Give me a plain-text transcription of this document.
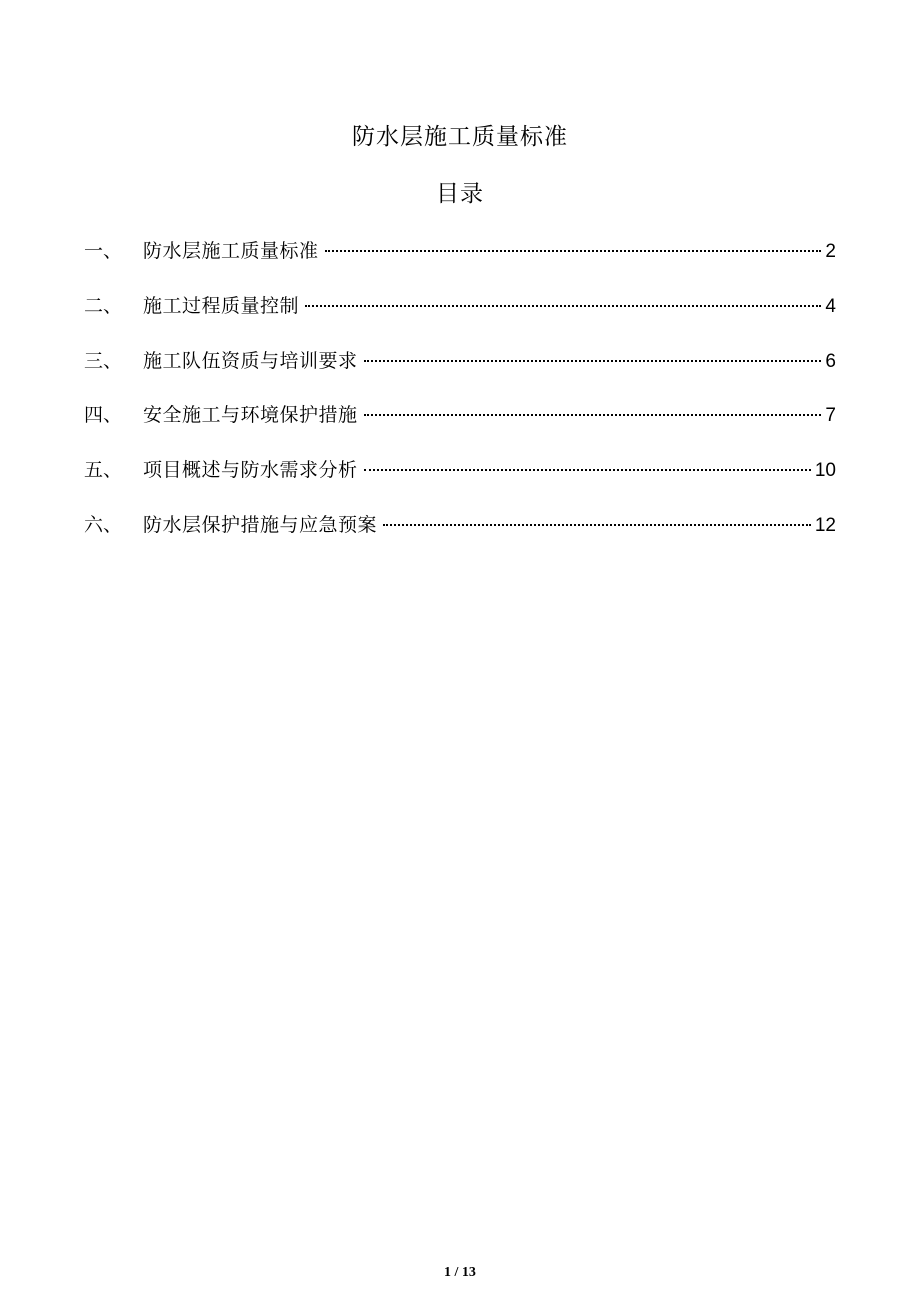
防水层施工质量标准
目录
一、	防水层施工质量标准	2
二、	施工过程质量控制	4
三、	施工队伍资质与培训要求	6
四、	安全施工与环境保护措施	7
五、	项目概述与防水需求分析	10
六、	防水层保护措施与应急预案	12
1 / 13
